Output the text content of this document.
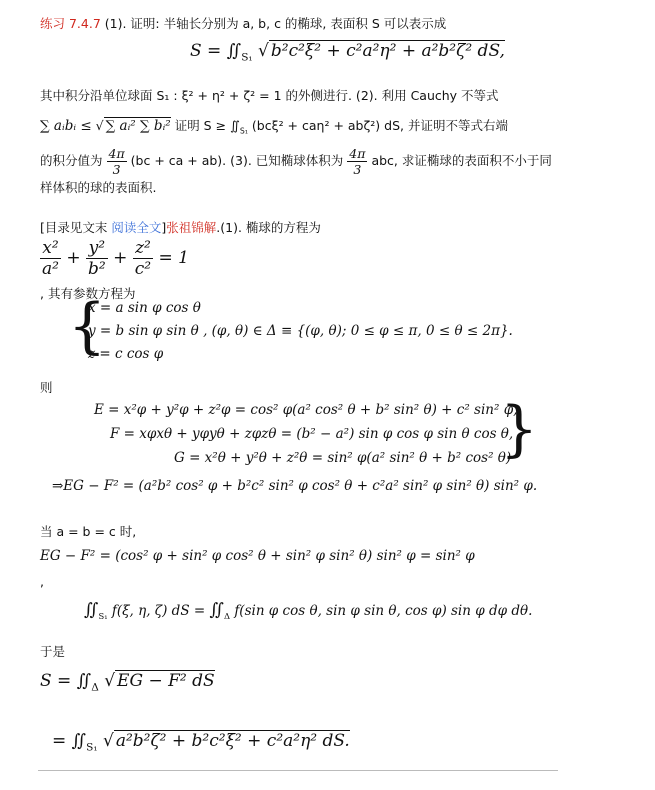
练习 7.4.7 (1). 证明: 半轴长分别为 a, b, c 的椭球, 表面积 S 可以表示成
$S = ∬_{S_1}$ √ b²c²ξ² + c²a²η² + a²b²ζ² dS,
其中积分沿单位球面 S₁ : ξ² + η² + ζ² = 1 的外侧进行. (2). 利用 Cauchy 不等式
∑ aᵢbᵢ ≤ √ ∑ aᵢ² ∑ bᵢ² 证明 $S \ge ∬_{S_1}$ (bcξ² + caη² + abζ²) dS, 并证明不等式右端
的积分值为 $\frac{4\pi}{3} (bc$ + ca + ab). (3). 已知椭球体积为 $\frac{4\pi}{3}$ abc, 求证椭球的表面积不小于同
样体积的球的表面积.
[目录见文末 阅读全文]张祖锦解.(1). 椭球的方程为
$\frac{\text{x²}}{\text{a²}} + \frac{\text{y²}}{\text{b²}} + \frac{\text{z²}}{\text{c²}} = 1$
, 其有参数方程为
{
x = a sin φ cos θ
y = b sin φ sin θ , (φ, θ) ∈ Δ ≡ {(φ, θ); 0 ≤ φ ≤ π, 0 ≤ θ ≤ 2π}.
z = c cos φ
则
E = x²φ + y²φ + z²φ = cos² φ(a² cos² θ + b² sin² θ) + c² sin² φ,
F = xφxθ + yφyθ + zφzθ = (b² − a²) sin φ cos φ sin θ cos θ,
G = x²θ + y²θ + z²θ = sin² φ(a² sin² θ + b² cos² θ)
}
⇒EG − F² = (a²b² cos² φ + b²c² sin² φ cos² θ + c²a² sin² φ sin² θ) sin² φ.
当 a = b = c 时,
EG − F² = (cos² φ + sin² φ cos² θ + sin² φ sin² θ) sin² φ = sin² φ
,
$∬_{S_1}$ f(ξ, η, ζ) dS = $∬_\Delta$ f(sin φ cos θ, sin φ sin θ, cos φ) sin φ dφ dθ.
于是
$S = ∬_\Delta$ √ EG − F² dS
= $∬_{S_1}$ √ a²b²ζ² + b²c²ξ² + c²a²η² dS.
